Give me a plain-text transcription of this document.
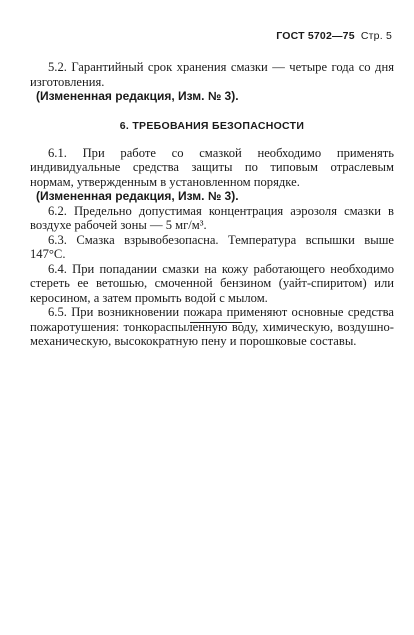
ГОСТ 5702—75 Стр. 5

5.2. Гарантийный срок хранения смазки — четыре года со дня изготовления.

(Измененная редакция, Изм. № 3).

6. ТРЕБОВАНИЯ БЕЗОПАСНОСТИ

6.1. При работе со смазкой необходимо применять индивидуальные средства защиты по типовым отраслевым нормам, утвержденным в установленном порядке.

(Измененная редакция, Изм. № 3).

6.2. Предельно допустимая концентрация аэрозоля смазки в воздухе рабочей зоны — 5 мг/м³.

6.3. Смазка взрывобезопасна. Температура вспышки выше 147°С.

6.4. При попадании смазки на кожу работающего необходимо стереть ее ветошью, смоченной бензином (уайт-спиритом) или керосином, а затем промыть водой с мылом.

6.5. При возникновении пожара применяют основные средства пожаротушения: тонкораспыленную воду, химическую, воздушно-механическую, высокократную пену и порошковые составы.
